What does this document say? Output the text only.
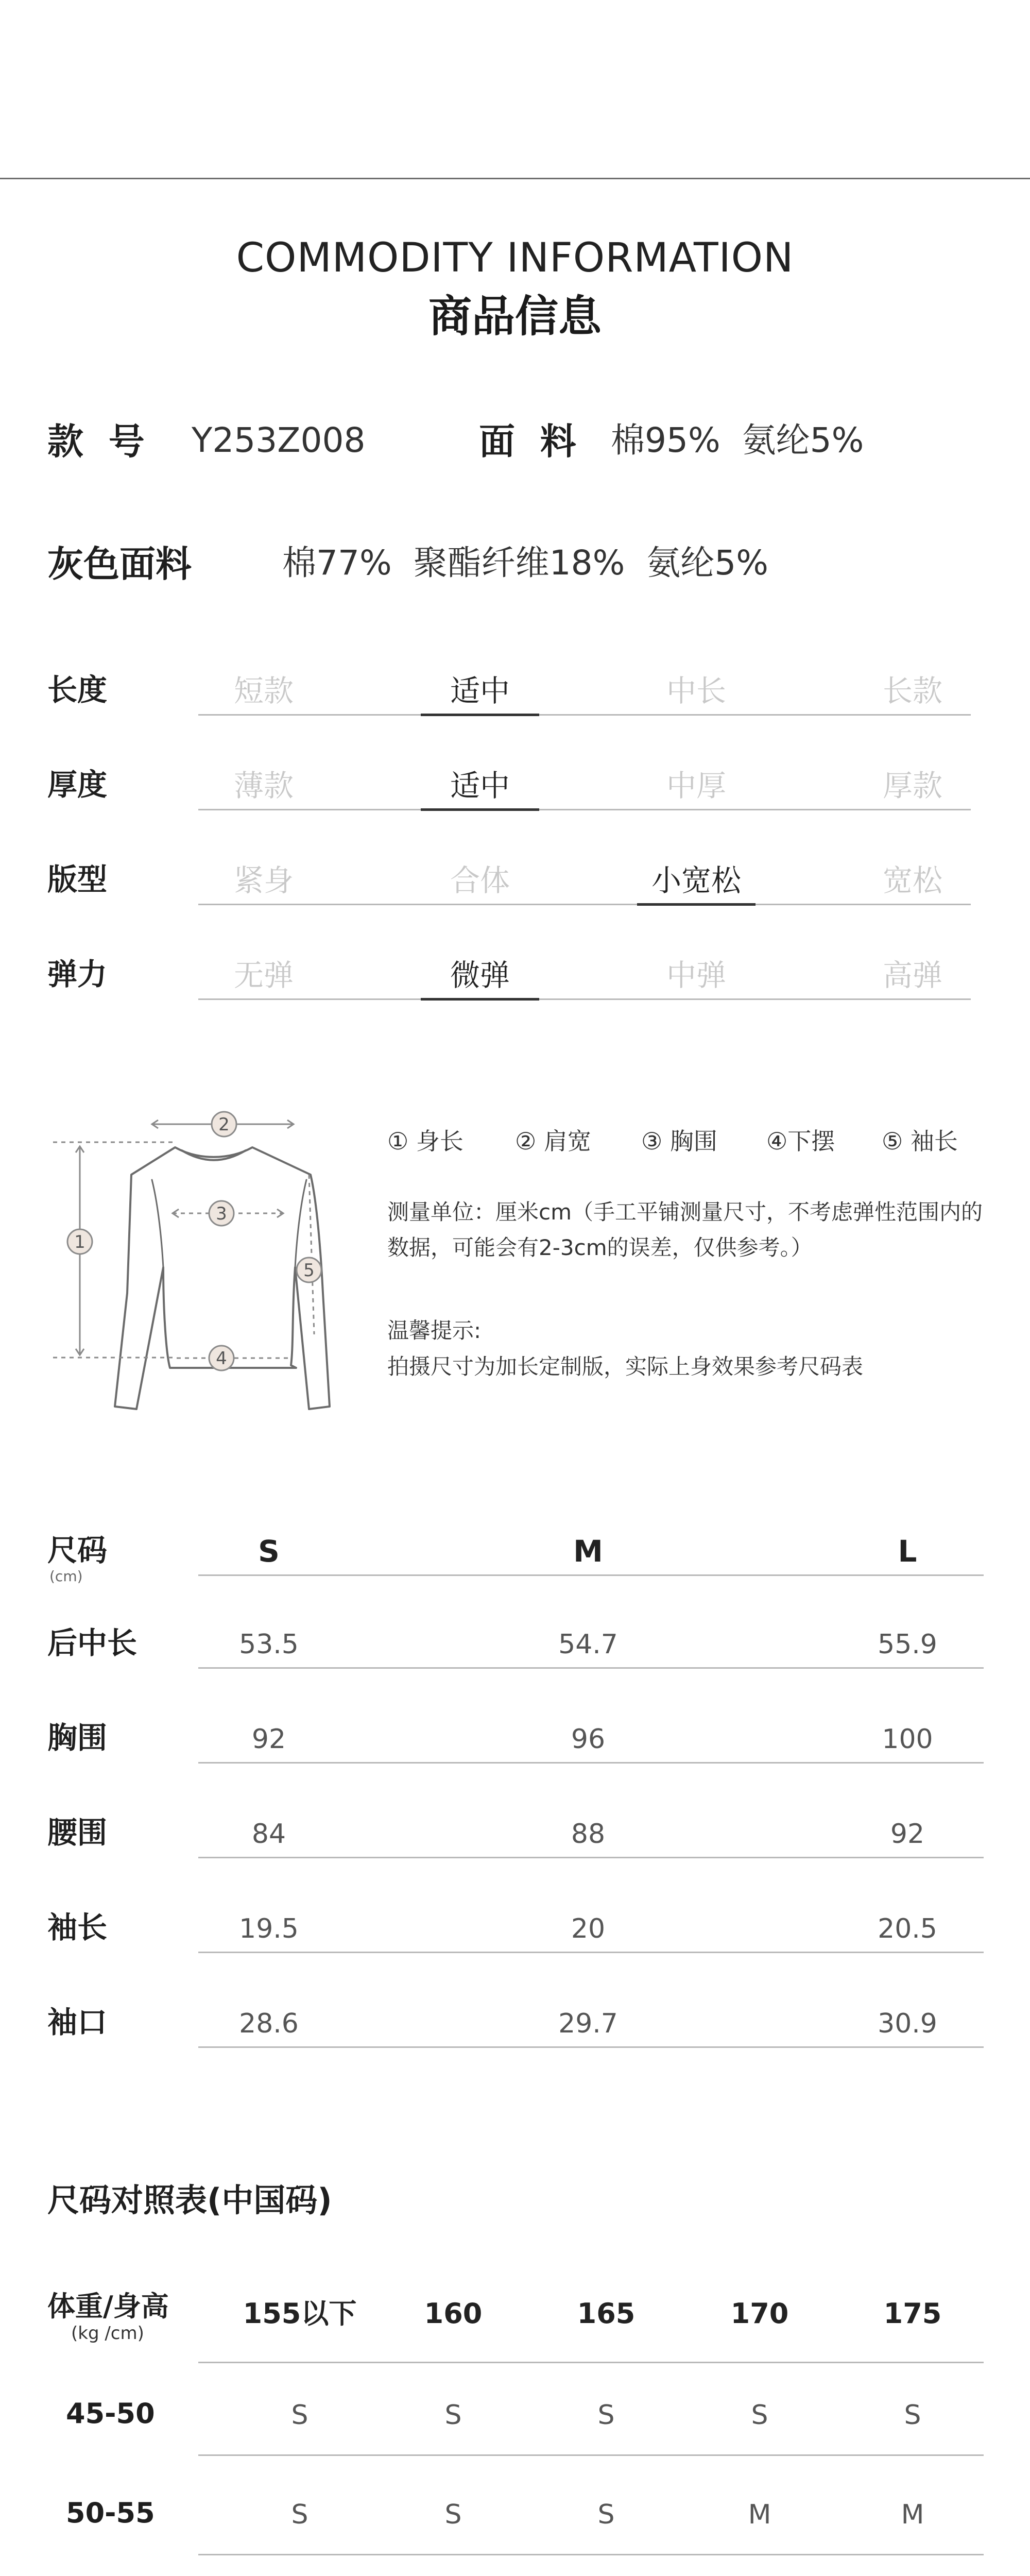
COMMODITY INFORMATION
商品信息
款  号 Y253Z008	面  料 棉95%  氨纶5%
灰色面料	棉77%  聚酯纤维18%  氨纶5%
长度	短款	适中	中长	长款
厚度	薄款	适中	中厚	厚款
版型	紧身	合体	小宽松	宽松
弹力	无弹	微弹	中弹	高弹
2
1
3
4
5
① 身长 ② 肩宽 ③ 胸围 ④下摆 ⑤ 袖长
测量单位：厘米cm（手工平铺测量尺寸，不考虑弹性范围内的数据，可能会有2-3cm的误差，仅供参考。）
温馨提示:
拍摄尺寸为加长定制版，实际上身效果参考尺码表
尺码
(cm)
S	M	L
后中长	53.5	54.7	55.9
胸围	92	96	100
腰围	84	88	92
袖长	19.5	20	20.5
袖口	28.6	29.7	30.9
尺码对照表(中国码)
体重/身高
(kg /cm)
155以下	160	165	170	175
45-50	S	S	S	S	S
50-55	S	S	S	M	M
